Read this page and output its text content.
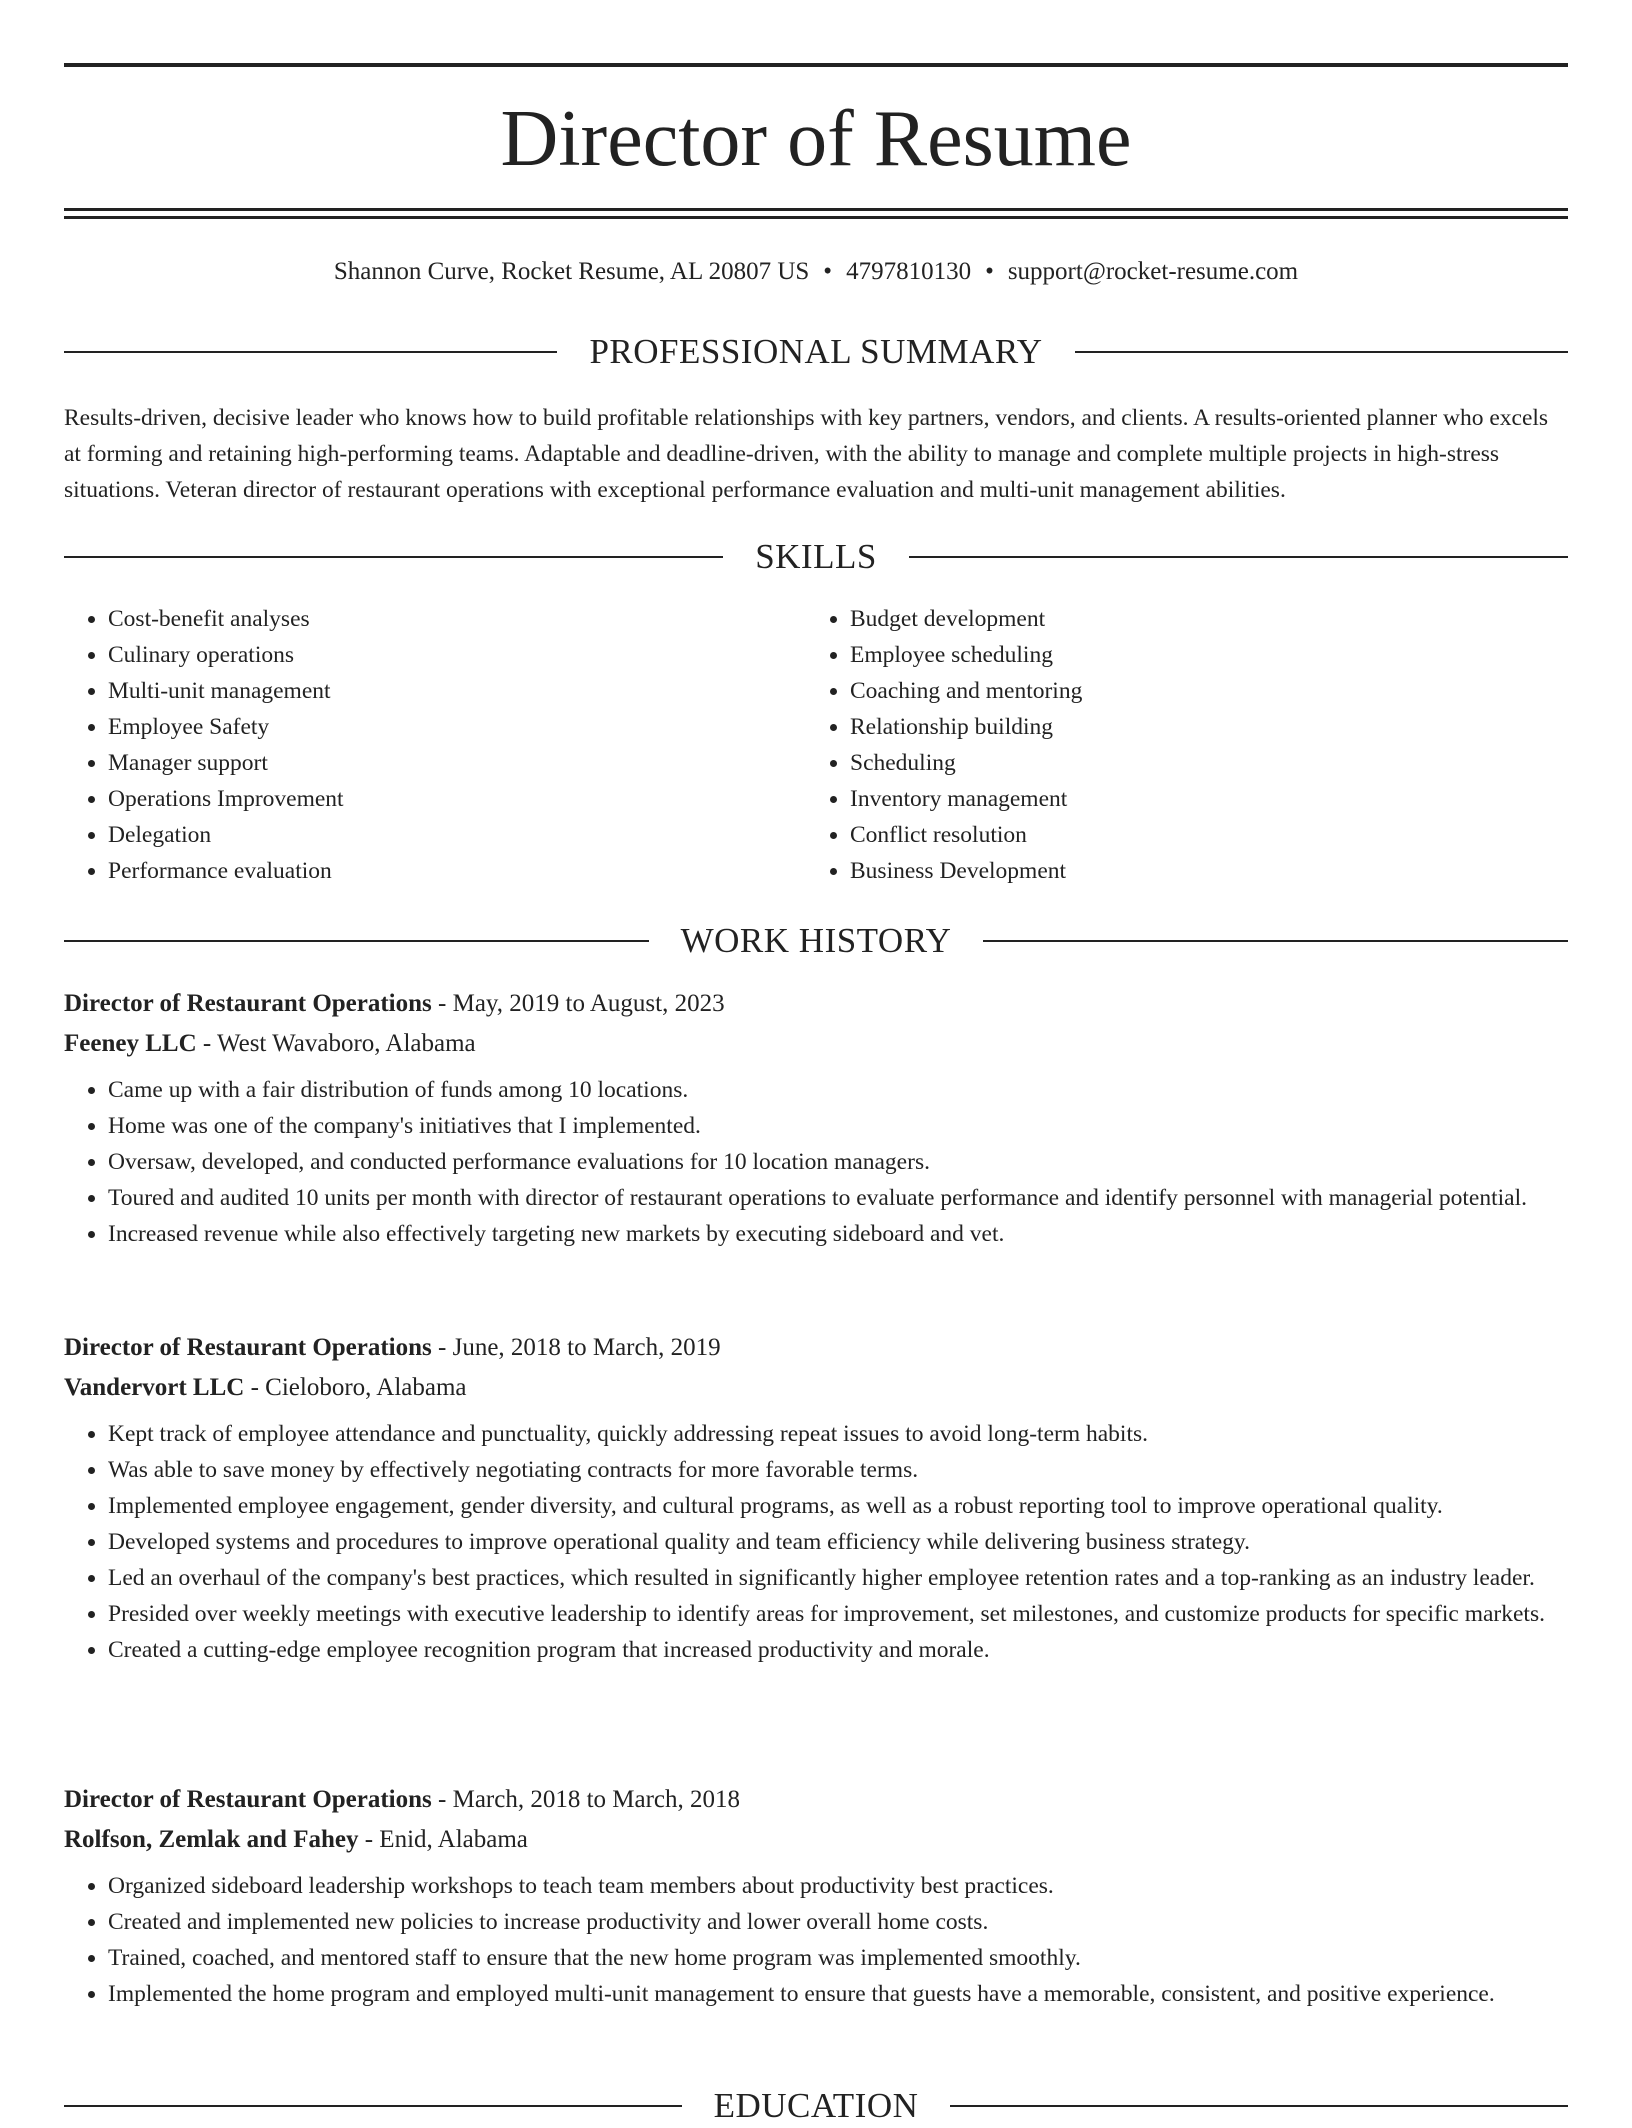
Director of Resume
Shannon Curve, Rocket Resume, AL 20807 US • 4797810130 • support@rocket-resume.com
PROFESSIONAL SUMMARY

Results-driven, decisive leader who knows how to build profitable relationships with key partners, vendors, and clients. A results-oriented planner who excels at forming and retaining high-performing teams. Adaptable and deadline-driven, with the ability to manage and complete multiple projects in high-stress situations. Veteran director of restaurant operations with exceptional performance evaluation and multi-unit management abilities.

SKILLS
• Cost-benefit analyses
• Culinary operations
• Multi-unit management
• Employee Safety
• Manager support
• Operations Improvement
• Delegation
• Performance evaluation
• Budget development
• Employee scheduling
• Coaching and mentoring
• Relationship building
• Scheduling
• Inventory management
• Conflict resolution
• Business Development
WORK HISTORY
Director of Restaurant Operations - May, 2019 to August, 2023
Feeney LLC - West Wavaboro, Alabama
• Came up with a fair distribution of funds among 10 locations.
• Home was one of the company's initiatives that I implemented.
• Oversaw, developed, and conducted performance evaluations for 10 location managers.
• Toured and audited 10 units per month with director of restaurant operations to evaluate performance and identify personnel with managerial potential.
• Increased revenue while also effectively targeting new markets by executing sideboard and vet.
Director of Restaurant Operations - June, 2018 to March, 2019
Vandervort LLC - Cieloboro, Alabama
• Kept track of employee attendance and punctuality, quickly addressing repeat issues to avoid long-term habits.
• Was able to save money by effectively negotiating contracts for more favorable terms.
• Implemented employee engagement, gender diversity, and cultural programs, as well as a robust reporting tool to improve operational quality.
• Developed systems and procedures to improve operational quality and team efficiency while delivering business strategy.
• Led an overhaul of the company's best practices, which resulted in significantly higher employee retention rates and a top-ranking as an industry leader.
• Presided over weekly meetings with executive leadership to identify areas for improvement, set milestones, and customize products for specific markets.
• Created a cutting-edge employee recognition program that increased productivity and morale.
Director of Restaurant Operations - March, 2018 to March, 2018
Rolfson, Zemlak and Fahey - Enid, Alabama
• Organized sideboard leadership workshops to teach team members about productivity best practices.
• Created and implemented new policies to increase productivity and lower overall home costs.
• Trained, coached, and mentored staff to ensure that the new home program was implemented smoothly.
• Implemented the home program and employed multi-unit management to ensure that guests have a memorable, consistent, and positive experience.
EDUCATION
